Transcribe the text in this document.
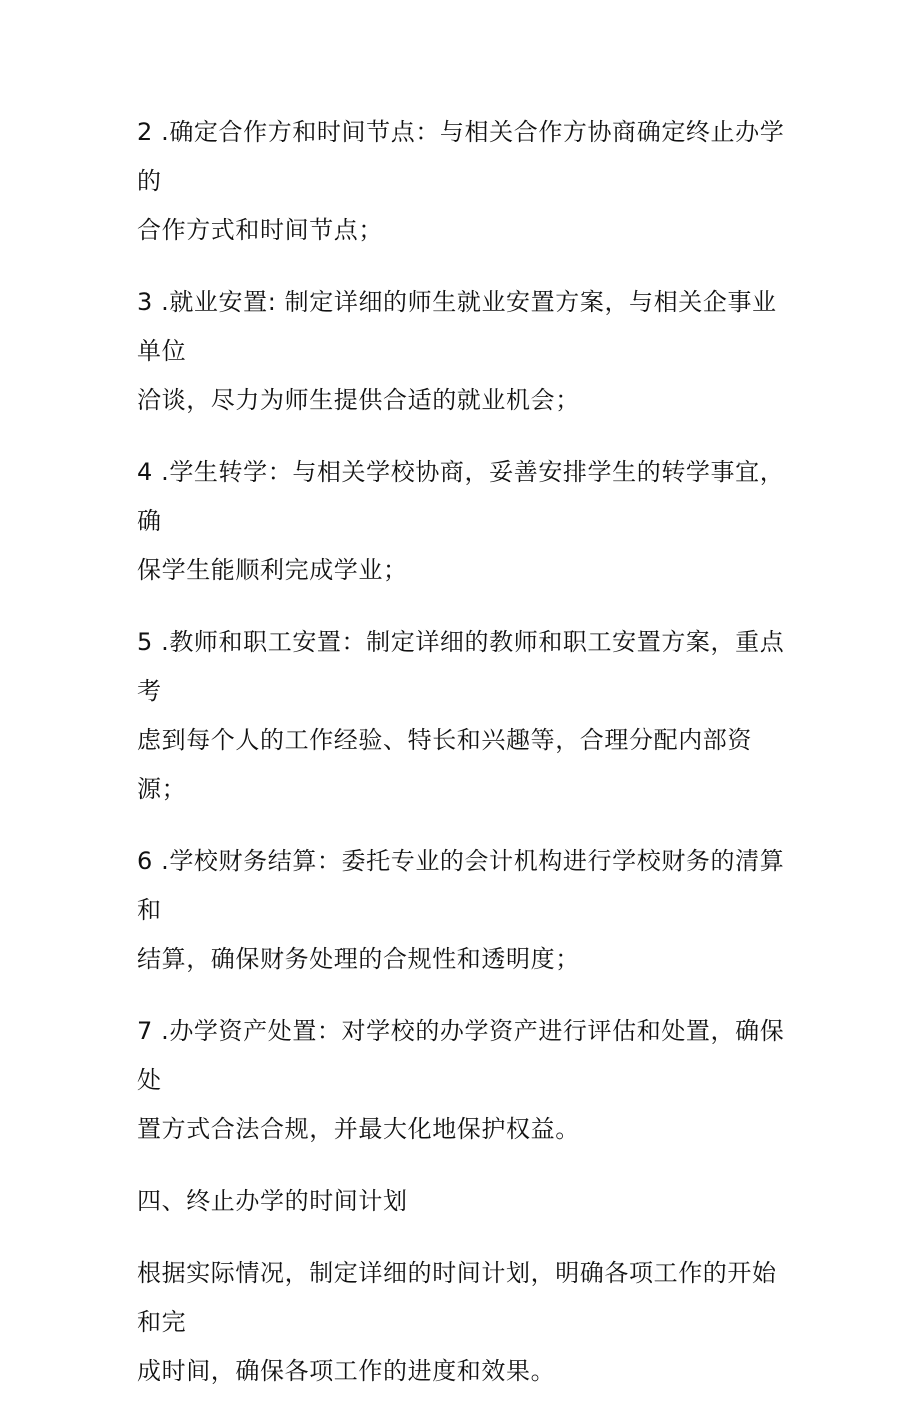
2 .确定合作方和时间节点：与相关合作方协商确定终止办学的
合作方式和时间节点；

3 .就业安置: 制定详细的师生就业安置方案，与相关企事业单位
洽谈，尽力为师生提供合适的就业机会；

4 .学生转学：与相关学校协商，妥善安排学生的转学事宜，确
保学生能顺利完成学业；

5 .教师和职工安置：制定详细的教师和职工安置方案，重点考
虑到每个人的工作经验、特长和兴趣等，合理分配内部资源；

6 .学校财务结算：委托专业的会计机构进行学校财务的清算和
结算，确保财务处理的合规性和透明度；

7 .办学资产处置：对学校的办学资产进行评估和处置，确保处
置方式合法合规，并最大化地保护权益。

四、终止办学的时间计划

根据实际情况，制定详细的时间计划，明确各项工作的开始和完
成时间，确保各项工作的进度和效果。
